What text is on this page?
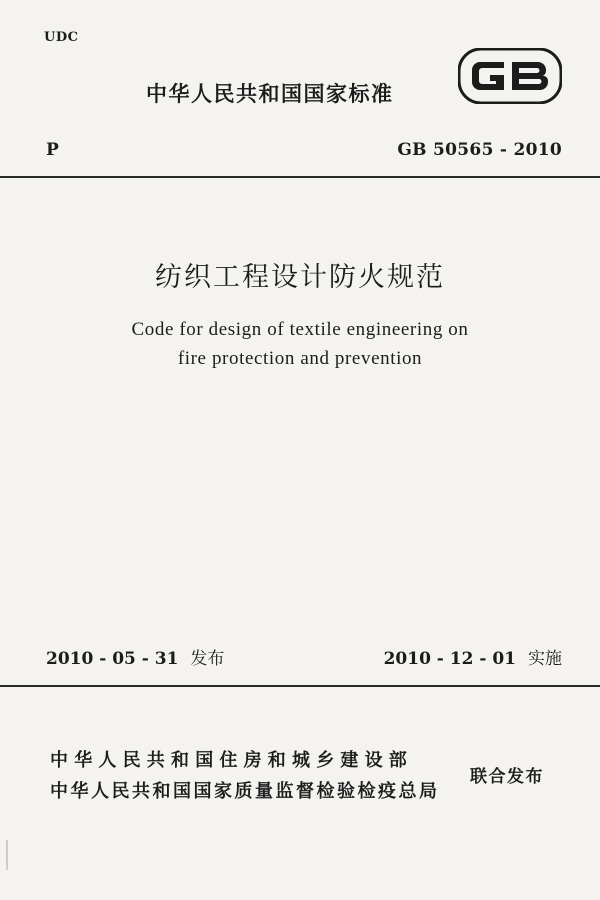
UDC
中华人民共和国国家标准
P	GB 50565 - 2010
纺织工程设计防火规范
Code for design of textile engineering on
fire protection and prevention
2010 - 05 - 31 发布	2010 - 12 - 01 实施
中华人民共和国住房和城乡建设部
中华人民共和国国家质量监督检验检疫总局
联合发布
